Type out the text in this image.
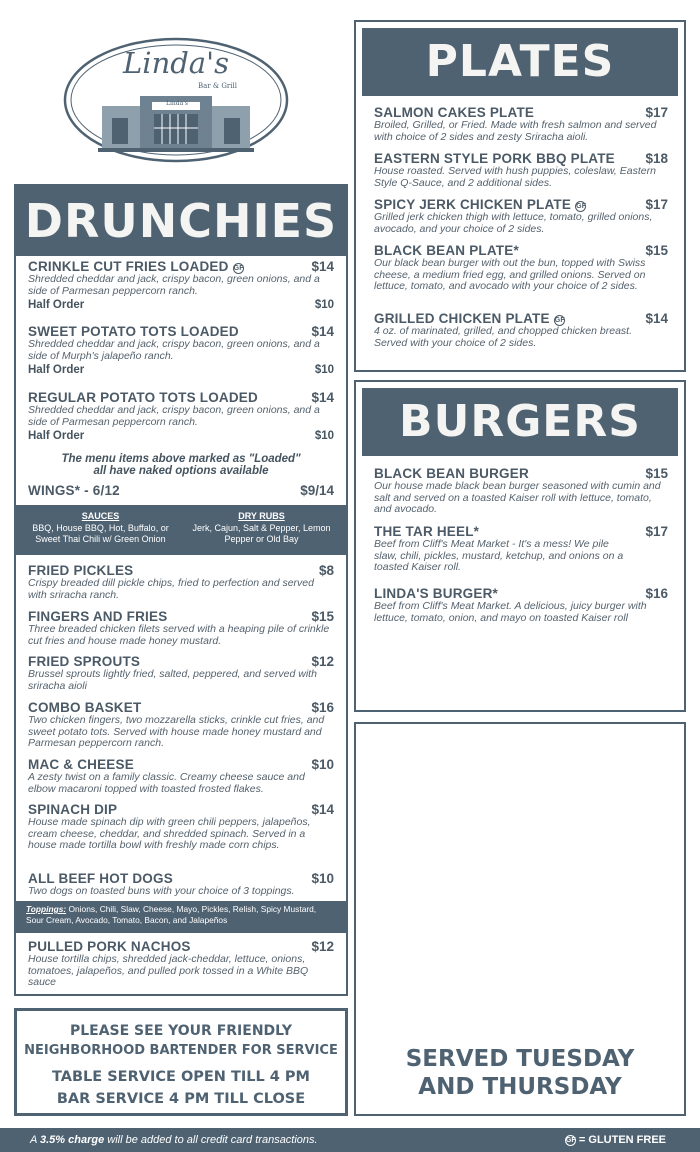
Linda's
Bar & Grill
Linda's
DRUNCHIES
CRINKLE CUT FRIES LOADED GF	$14
Shredded cheddar and jack, crispy bacon, green onions, and a side of Parmesan peppercorn ranch.
Half Order	$10
SWEET POTATO TOTS LOADED	$14
Shredded cheddar and jack, crispy bacon, green onions, and a side of Murph's jalapeño ranch.
Half Order	$10
REGULAR POTATO TOTS LOADED	$14
Shredded cheddar and jack, crispy bacon, green onions, and a side of Parmesan peppercorn ranch.
Half Order	$10
The menu items above marked as "Loaded" all have naked options available
WINGS* - 6/12	$9/14
SAUCES
BBQ, House BBQ, Hot, Buffalo, or Sweet Thai Chili w/ Green Onion
DRY RUBS
Jerk, Cajun, Salt & Pepper, Lemon Pepper or Old Bay
FRIED PICKLES	$8
Crispy breaded dill pickle chips, fried to perfection and served with sriracha ranch.
FINGERS AND FRIES	$15
Three breaded chicken filets served with a heaping pile of crinkle cut fries and house made honey mustard.
FRIED SPROUTS	$12
Brussel sprouts lightly fried, salted, peppered, and served with sriracha aioli
COMBO BASKET	$16
Two chicken fingers, two mozzarella sticks, crinkle cut fries, and sweet potato tots. Served with house made honey mustard and Parmesan peppercorn ranch.
MAC & CHEESE	$10
A zesty twist on a family classic. Creamy cheese sauce and elbow macaroni topped with toasted frosted flakes.
SPINACH DIP	$14
House made spinach dip with green chili peppers, jalapeños, cream cheese, cheddar, and shredded spinach. Served in a house made tortilla bowl with freshly made corn chips.
ALL BEEF HOT DOGS	$10
Two dogs on toasted buns with your choice of 3 toppings.
Toppings: Onions, Chili, Slaw, Cheese, Mayo, Pickles, Relish, Spicy Mustard, Sour Cream, Avocado, Tomato, Bacon, and Jalapeños
PULLED PORK NACHOS	$12
House tortilla chips, shredded jack-cheddar, lettuce, onions, tomatoes, jalapeños, and pulled pork tossed in a White BBQ sauce
PLEASE SEE YOUR FRIENDLY
NEIGHBORHOOD BARTENDER FOR SERVICE
TABLE SERVICE OPEN TILL 4 PM
BAR SERVICE 4 PM TILL CLOSE
PLATES
SALMON CAKES PLATE	$17
Broiled, Grilled, or Fried. Made with fresh salmon and served with choice of 2 sides and zesty Sriracha aioli.
EASTERN STYLE PORK BBQ PLATE	$18
House roasted. Served with hush puppies, coleslaw, Eastern Style Q-Sauce, and 2 additional sides.
SPICY JERK CHICKEN PLATE GF	$17
Grilled jerk chicken thigh with lettuce, tomato, grilled onions, avocado, and your choice of 2 sides.
BLACK BEAN PLATE*	$15
Our black bean burger with out the bun, topped with Swiss cheese, a medium fried egg, and grilled onions. Served on lettuce, tomato, and avocado with your choice of 2 sides.
GRILLED CHICKEN PLATE GF	$14
4 oz. of marinated, grilled, and chopped chicken breast. Served with your choice of 2 sides.
BURGERS
BLACK BEAN BURGER	$15
Our house made black bean burger seasoned with cumin and salt and served on a toasted Kaiser roll with lettuce, tomato, and avocado.
THE TAR HEEL*	$17
Beef from Cliff's Meat Market - It's a mess! We pile slaw, chili, pickles, mustard, ketchup, and onions on a toasted Kaiser roll.
LINDA'S BURGER*	$16
Beef from Cliff's Meat Market. A delicious, juicy burger with lettuce, tomato, onion, and mayo on toasted Kaiser roll
ADD ONS: Cheese [.50] Bacon [1.00]
Avocado [1.00], Fried Egg* [1.50]
LINDA'S FAMOUS
POT ROAST LUNCH
SERVED WITH CORNBREAD
Full Order - $18
Half Order  - $13
Served with two sides of your choice
SPECIAL LUNCH SIDES
Black Eyed Peas & Garlic Mashed Potatoes
SERVED TUESDAY
AND THURSDAY
A 3.5% charge will be added to all credit card transactions.	GF = GLUTEN FREE
